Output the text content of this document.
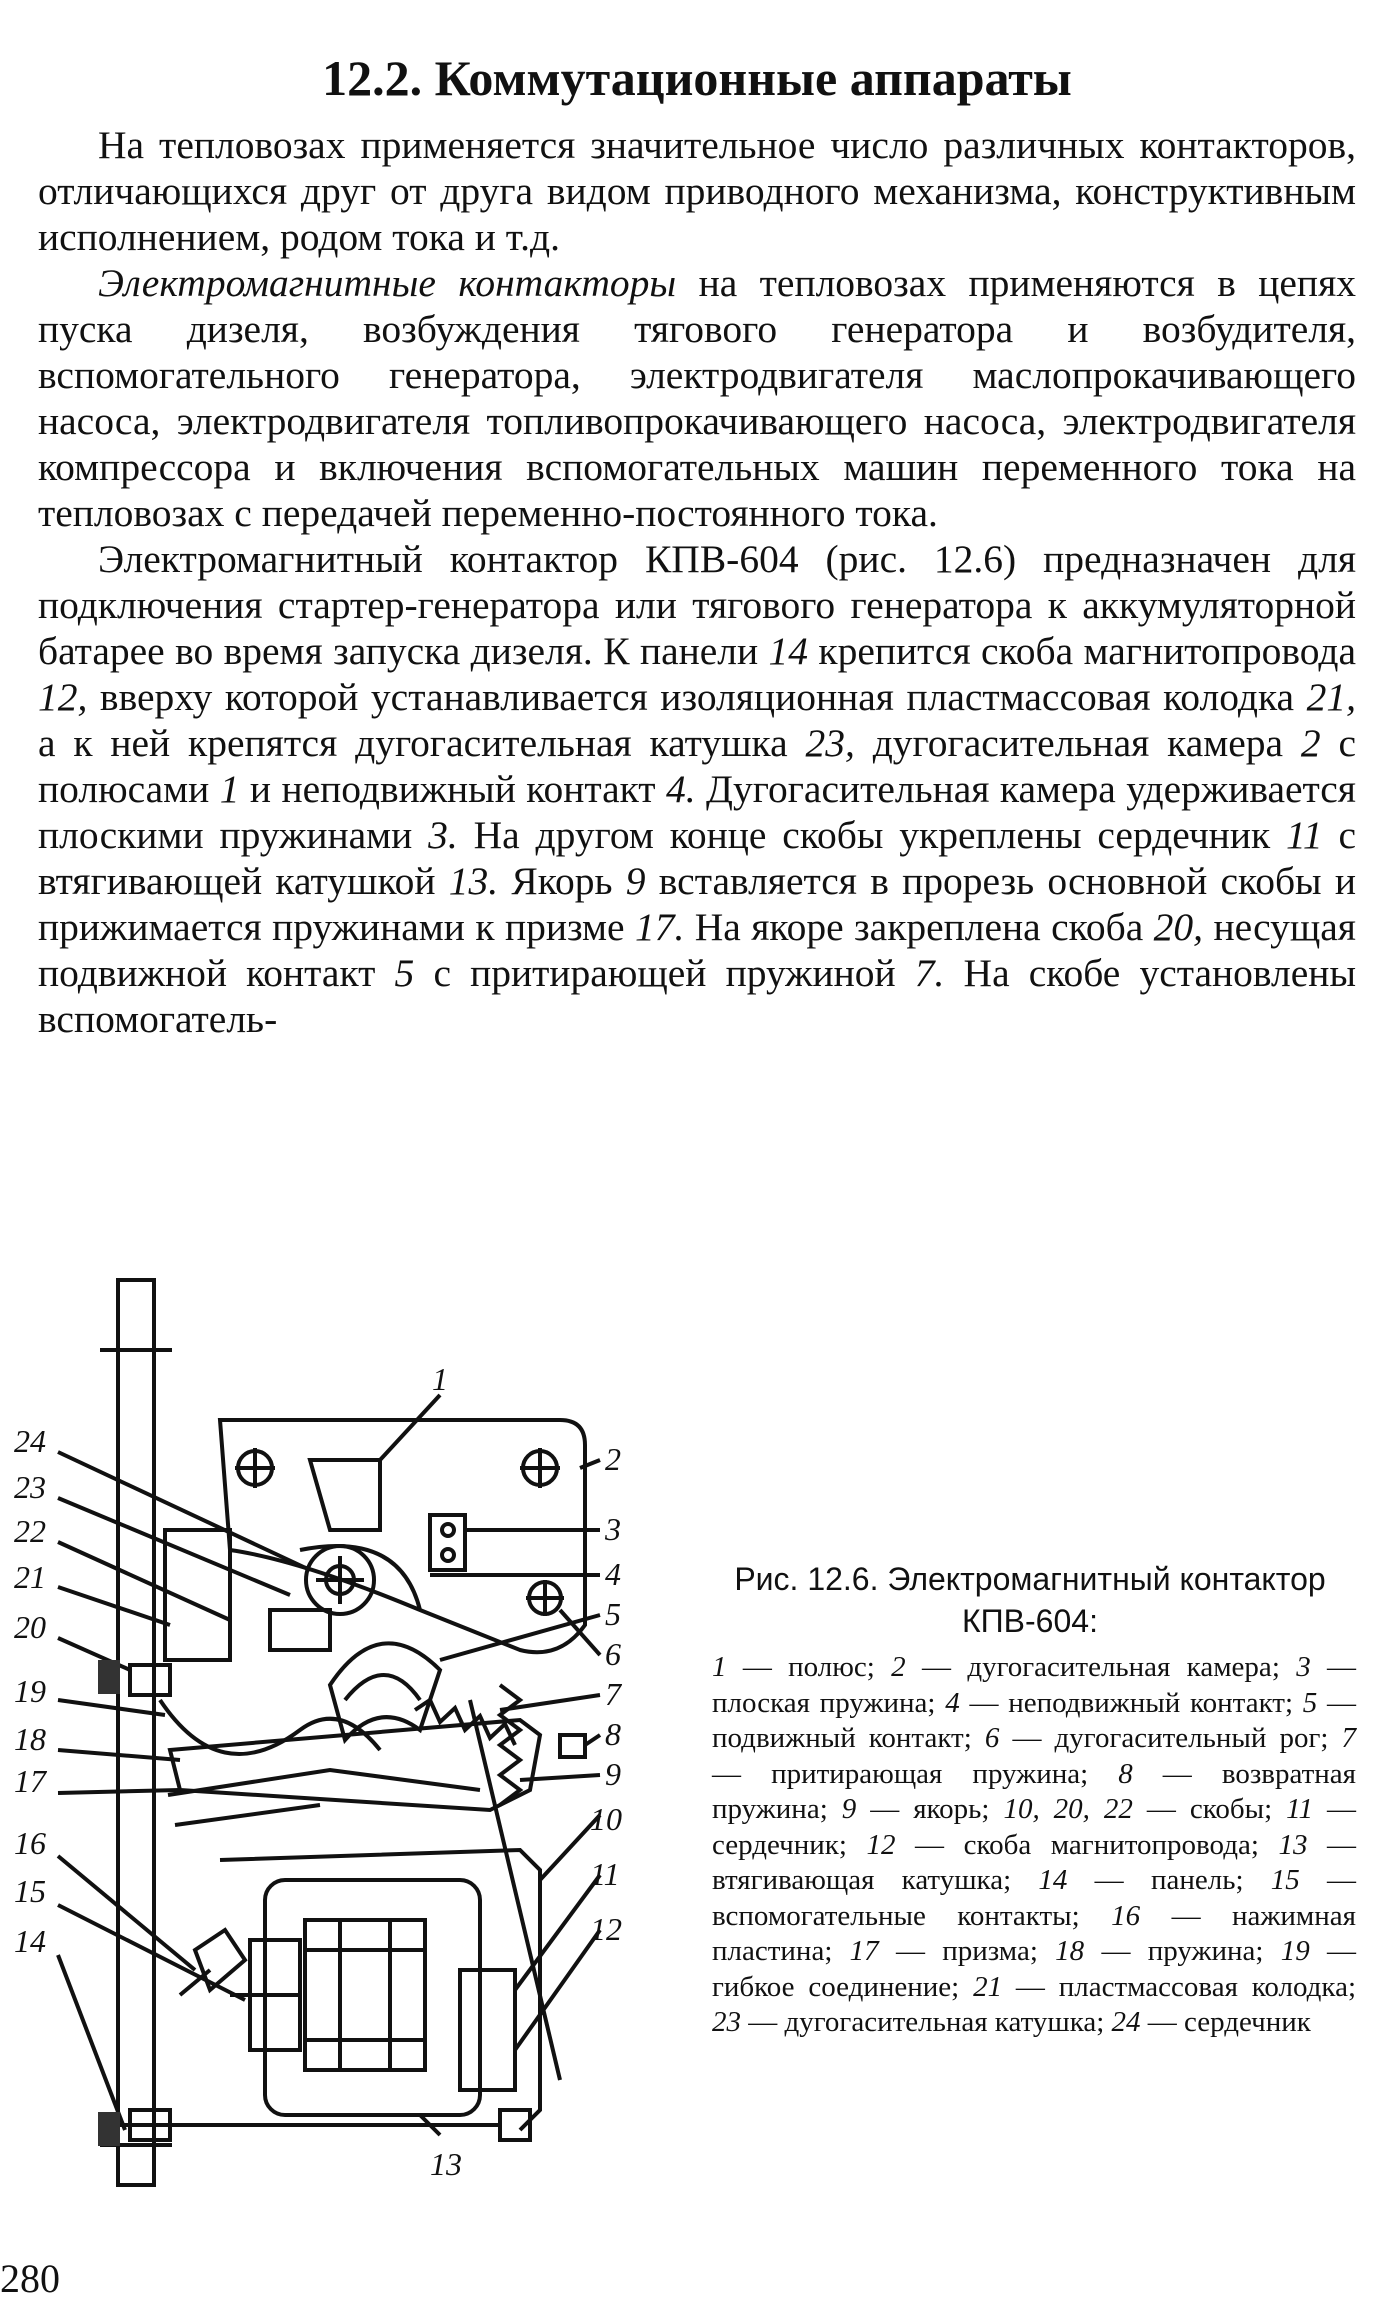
12.2. Коммутационные аппараты

На тепловозах применяется значительное число различных контакторов, отличающихся друг от друга видом приводного механизма, конструктивным исполнением, родом тока и т.д.

Электромагнитные контакторы на тепловозах применяются в цепях пуска дизеля, возбуждения тягового генератора и возбудителя, вспомогательного генератора, электродвигателя маслопрокачивающего насоса, электродвигателя топливопрокачивающего насоса, электродвигателя компрессора и включения вспомогательных машин переменного тока на тепловозах с передачей переменно-постоянного тока.

Электромагнитный контактор КПВ-604 (рис. 12.6) предназначен для подключения стартер-генератора или тягового генератора к аккумуляторной батарее во время запуска дизеля. К панели 14 крепится скоба магнитопровода 12, вверху которой устанавливается изоляционная пластмассовая колодка 21, а к ней крепятся дугогасительная катушка 23, дугогасительная камера 2 с полюсами 1 и неподвижный контакт 4. Дугогасительная камера удерживается плоскими пружинами 3. На другом конце скобы укреплены сердечник 11 с втягивающей катушкой 13. Якорь 9 вставляется в прорезь основной скобы и прижимается пружинами к призме 17. На якоре закреплена скоба 20, несущая подвижной контакт 5 с притирающей пружиной 7. На скобе установлены вспомогатель-

1
2
3
4
5
6
7
8
9
10
11
12
13
14
15
16
17
18
19
20
21
22
23
24
Рис. 12.6. Электромагнитный контактор КПВ-604:
1 — полюс; 2 — дугогасительная камера; 3 — плоская пружина; 4 — неподвижный контакт; 5 — подвижный контакт; 6 — дугогасительный рог; 7 — притирающая пружина; 8 — возвратная пружина; 9 — якорь; 10, 20, 22 — скобы; 11 — сердечник; 12 — скоба магнитопровода; 13 — втягивающая катушка; 14 — панель; 15 — вспомогательные контакты; 16 — нажимная пластина; 17 — призма; 18 — пружина; 19 — гибкое соединение; 21 — пластмассовая колодка; 23 — дугогасительная катушка; 24 — сердечник
280
